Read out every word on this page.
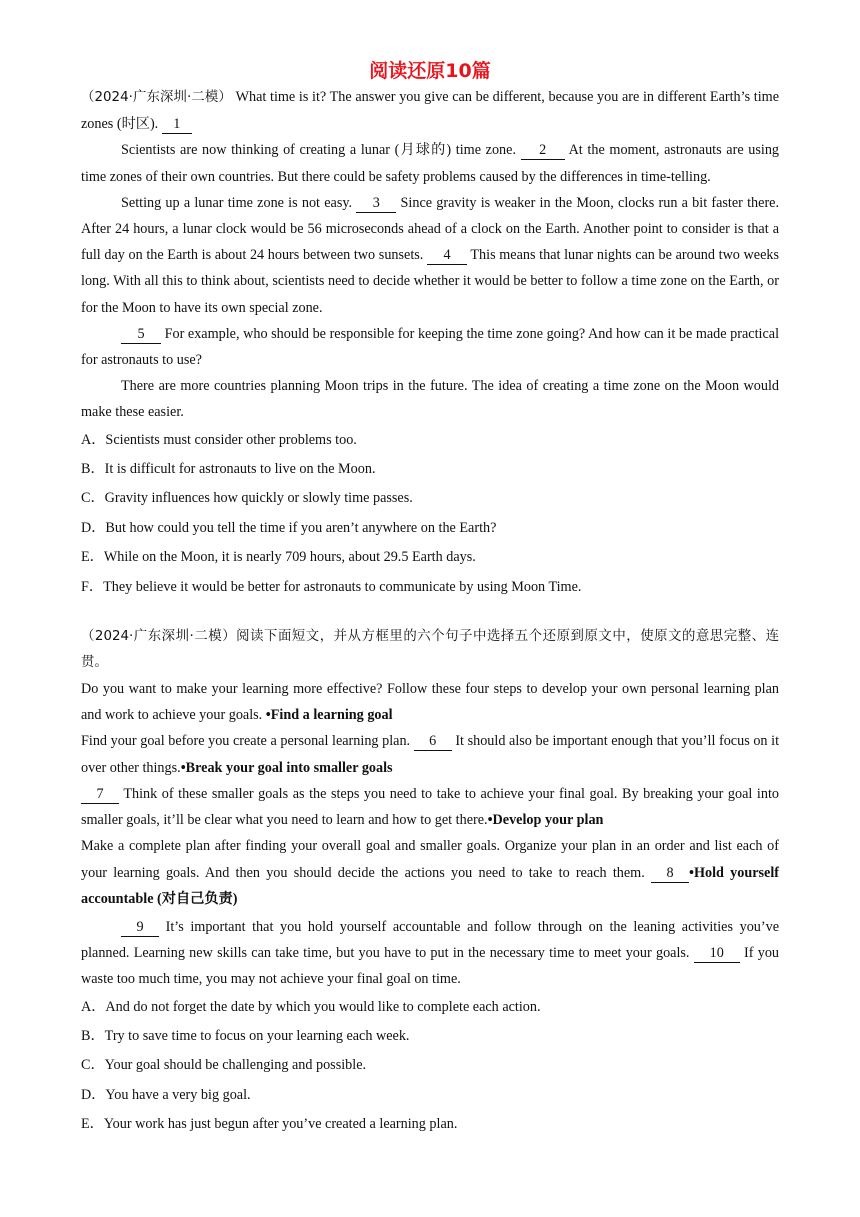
阅读还原10篇

（2024·广东深圳·二模） What time is it? The answer you give can be different, because you are in different Earth’s time zones (时区). 1

Scientists are now thinking of creating a lunar (月球的) time zone. 2 At the moment, astronauts are using time zones of their own countries. But there could be safety problems caused by the differences in time-telling.

Setting up a lunar time zone is not easy. 3 Since gravity is weaker in the Moon, clocks run a bit faster there. After 24 hours, a lunar clock would be 56 microseconds ahead of a clock on the Earth. Another point to consider is that a full day on the Earth is about 24 hours between two sunsets. 4 This means that lunar nights can be around two weeks long. With all this to think about, scientists need to decide whether it would be better to follow a time zone on the Earth, or for the Moon to have its own special zone.

5 For example, who should be responsible for keeping the time zone going? And how can it be made practical for astronauts to use?

There are more countries planning Moon trips in the future. The idea of creating a time zone on the Moon would make these easier.

A．Scientists must consider other problems too.
B．It is difficult for astronauts to live on the Moon.
C．Gravity influences how quickly or slowly time passes.
D．But how could you tell the time if you aren’t anywhere on the Earth?
E．While on the Moon, it is nearly 709 hours, about 29.5 Earth days.
F．They believe it would be better for astronauts to communicate by using Moon Time.

（2024·广东深圳·二模）阅读下面短文，并从方框里的六个句子中选择五个还原到原文中，使原文的意思完整、连贯。

Do you want to make your learning more effective? Follow these four steps to develop your own personal learning plan and work to achieve your goals. •Find a learning goal

Find your goal before you create a personal learning plan. 6 It should also be important enough that you’ll focus on it over other things.•Break your goal into smaller goals

7 Think of these smaller goals as the steps you need to take to achieve your final goal. By breaking your goal into smaller goals, it’ll be clear what you need to learn and how to get there.•Develop your plan

Make a complete plan after finding your overall goal and smaller goals. Organize your plan in an order and list each of your learning goals. And then you should decide the actions you need to take to reach them. 8 •Hold yourself accountable (对自己负责)

9 It’s important that you hold yourself accountable and follow through on the leaning activities you’ve planned. Learning new skills can take time, but you have to put in the necessary time to meet your goals. 10 If you waste too much time, you may not achieve your final goal on time.

A．And do not forget the date by which you would like to complete each action.
B．Try to save time to focus on your learning each week.
C．Your goal should be challenging and possible.
D．You have a very big goal.
E．Your work has just begun after you’ve created a learning plan.
